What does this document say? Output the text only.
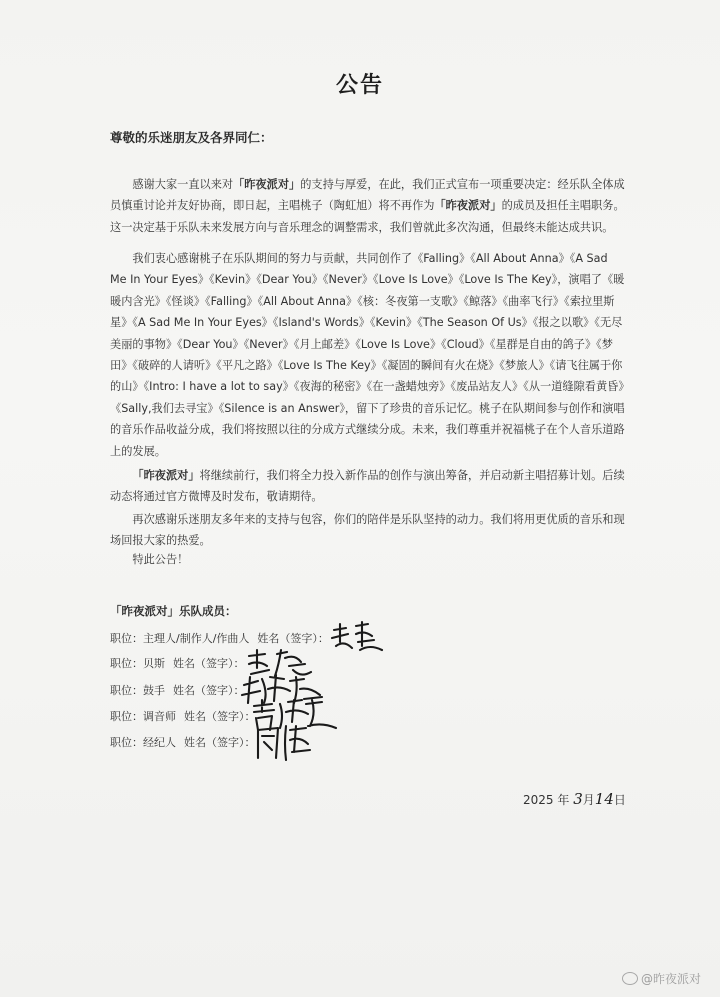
公告
尊敬的乐迷朋友及各界同仁：

感谢大家一直以来对「昨夜派对」的支持与厚爱，在此，我们正式宣布一项重要决定：经乐队全体成员慎重讨论并友好协商，即日起，主唱桃子（陶虹旭）将不再作为「昨夜派对」的成员及担任主唱职务。这一决定基于乐队未来发展方向与音乐理念的调整需求，我们曾就此多次沟通，但最终未能达成共识。

我们衷心感谢桃子在乐队期间的努力与贡献，共同创作了《Falling》《All About Anna》《A Sad Me In Your Eyes》《Kevin》《Dear You》《Never》《Love Is Love》《Love Is The Key》，演唱了《暖暖内含光》《怪谈》《Falling》《All About Anna》《核：冬夜第一支歌》《鲸落》《曲率飞行》《索拉里斯星》《A Sad Me In Your Eyes》《Island's Words》《Kevin》《The Season Of Us》《报之以歌》《无尽美丽的事物》《Dear You》《Never》《月上邮差》《Love Is Love》《Cloud》《星群是自由的鸽子》《梦田》《破碎的人请听》《平凡之路》《Love Is The Key》《凝固的瞬间有火在烧》《梦旅人》《请飞往属于你的山》《Intro: I have a lot to say》《夜海的秘密》《在一盏蜡烛旁》《废品站友人》《从一道缝隙看黄昏》《Sally,我们去寻宝》《Silence is an Answer》，留下了珍贵的音乐记忆。桃子在队期间参与创作和演唱的音乐作品收益分成，我们将按照以往的分成方式继续分成。未来，我们尊重并祝福桃子在个人音乐道路上的发展。

「昨夜派对」将继续前行，我们将全力投入新作品的创作与演出筹备，并启动新主唱招募计划。后续动态将通过官方微博及时发布，敬请期待。

再次感谢乐迷朋友多年来的支持与包容，你们的陪伴是乐队坚持的动力。我们将用更优质的音乐和现场回报大家的热爱。

特此公告！

「昨夜派对」乐队成员：
职位：主理人/制作人/作曲人 姓名（签字）：
职位：贝斯 姓名（签字）：
职位：鼓手 姓名（签字）：
职位：调音师 姓名（签字）：
职位：经纪人 姓名（签字）：
2025 年 3月14日
@昨夜派对
